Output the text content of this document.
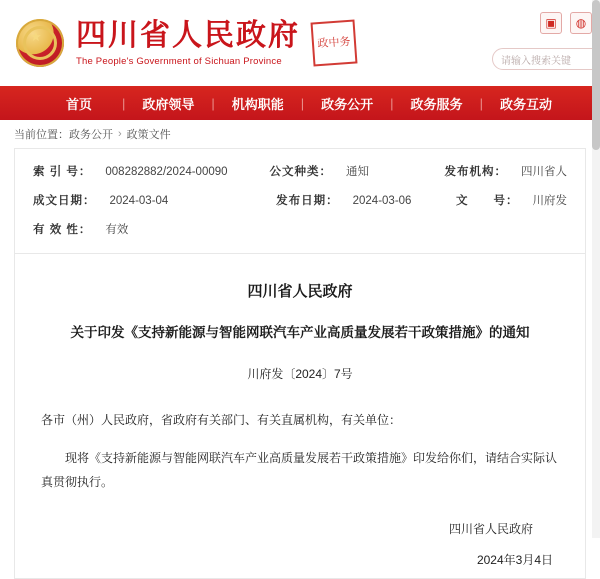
★ 四川省人民政府
The People's Government of Sichuan Province
政 中 务
▣	◍
请输入搜索关键
首页	|	政府领导	|	机构职能	|	政务公开	|	政务服务	|	政务互动
当前位置： 政务公开 › 政策文件
索 引 号： 008282882/2024-00090	公文种类： 通知	发布机构： 四川省人
成文日期： 2024-03-04	发布日期： 2024-03-06	文　　号： 川府发
有 效 性： 有效
四川省人民政府
关于印发《支持新能源与智能网联汽车产业高质量发展若干政策措施》的通知
川府发〔2024〕7号
各市（州）人民政府，省政府有关部门、有关直属机构，有关单位：
现将《支持新能源与智能网联汽车产业高质量发展若干政策措施》印发给你们，请结合实际认真贯彻执行。
四川省人民政府
2024年3月4日
